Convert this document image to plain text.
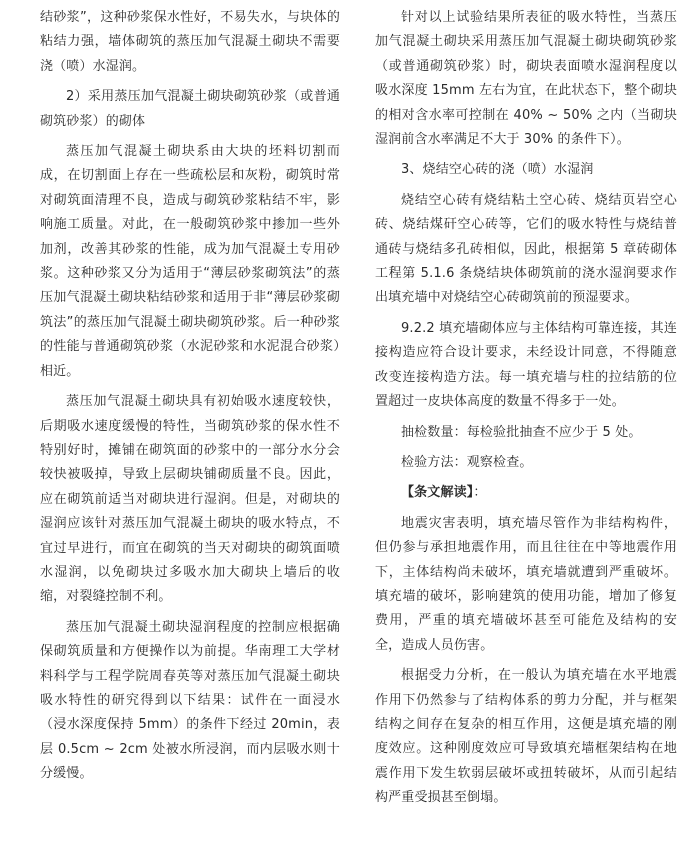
结砂浆”，这种砂浆保水性好，不易失水，与块体的粘结力强，墙体砌筑的蒸压加气混凝土砌块不需要浇（喷）水湿润。

2）采用蒸压加气混凝土砌块砌筑砂浆（或普通砌筑砂浆）的砌体

蒸压加气混凝土砌块系由大块的坯料切割而成，在切割面上存在一些疏松层和灰粉，砌筑时常对砌筑面清理不良，造成与砌筑砂浆粘结不牢，影响施工质量。对此，在一般砌筑砂浆中掺加一些外加剂，改善其砂浆的性能，成为加气混凝土专用砂浆。这种砂浆又分为适用于“薄层砂浆砌筑法”的蒸压加气混凝土砌块粘结砂浆和适用于非“薄层砂浆砌筑法”的蒸压加气混凝土砌块砌筑砂浆。后一种砂浆的性能与普通砌筑砂浆（水泥砂浆和水泥混合砂浆）相近。

蒸压加气混凝土砌块具有初始吸水速度较快，后期吸水速度缓慢的特性，当砌筑砂浆的保水性不特别好时，摊铺在砌筑面的砂浆中的一部分水分会较快被吸掉，导致上层砌块铺砌质量不良。因此，应在砌筑前适当对砌块进行湿润。但是，对砌块的湿润应该针对蒸压加气混凝土砌块的吸水特点，不宜过早进行，而宜在砌筑的当天对砌块的砌筑面喷水湿润，以免砌块过多吸水加大砌块上墙后的收缩，对裂缝控制不利。

蒸压加气混凝土砌块湿润程度的控制应根据确保砌筑质量和方便操作以为前提。华南理工大学材料科学与工程学院周春英等对蒸压加气混凝土砌块吸水特性的研究得到以下结果：试件在一面浸水（浸水深度保持 5mm）的条件下经过 20min，表层 0.5cm ~ 2cm 处被水所浸润，而内层吸水则十分缓慢。

针对以上试验结果所表征的吸水特性，当蒸压加气混凝土砌块采用蒸压加气混凝土砌块砌筑砂浆（或普通砌筑砂浆）时，砌块表面喷水湿润程度以吸水深度 15mm 左右为宜，在此状态下，整个砌块的相对含水率可控制在 40% ~ 50% 之内（当砌块湿润前含水率满足不大于 30% 的条件下）。

3、烧结空心砖的浇（喷）水湿润

烧结空心砖有烧结粘土空心砖、烧结页岩空心砖、烧结煤矸空心砖等，它们的吸水特性与烧结普通砖与烧结多孔砖相似，因此，根据第 5 章砖砌体工程第 5.1.6 条烧结块体砌筑前的浇水湿润要求作出填充墙中对烧结空心砖砌筑前的预湿要求。

9.2.2 填充墙砌体应与主体结构可靠连接，其连接构造应符合设计要求，未经设计同意，不得随意改变连接构造方法。每一填充墙与柱的拉结筋的位置超过一皮块体高度的数量不得多于一处。

抽检数量：每检验批抽查不应少于 5 处。

检验方法：观察检查。

【条文解读】：

地震灾害表明，填充墙尽管作为非结构构件，但仍参与承担地震作用，而且往往在中等地震作用下，主体结构尚未破坏，填充墙就遭到严重破坏。填充墙的破坏，影响建筑的使用功能，增加了修复费用，严重的填充墙破坏甚至可能危及结构的安全，造成人员伤害。

根据受力分析，在一般认为填充墙在水平地震作用下仍然参与了结构体系的剪力分配，并与框架结构之间存在复杂的相互作用，这便是填充墙的刚度效应。这种刚度效应可导致填充墙框架结构在地震作用下发生软弱层破坏或扭转破坏，从而引起结构严重受损甚至倒塌。
